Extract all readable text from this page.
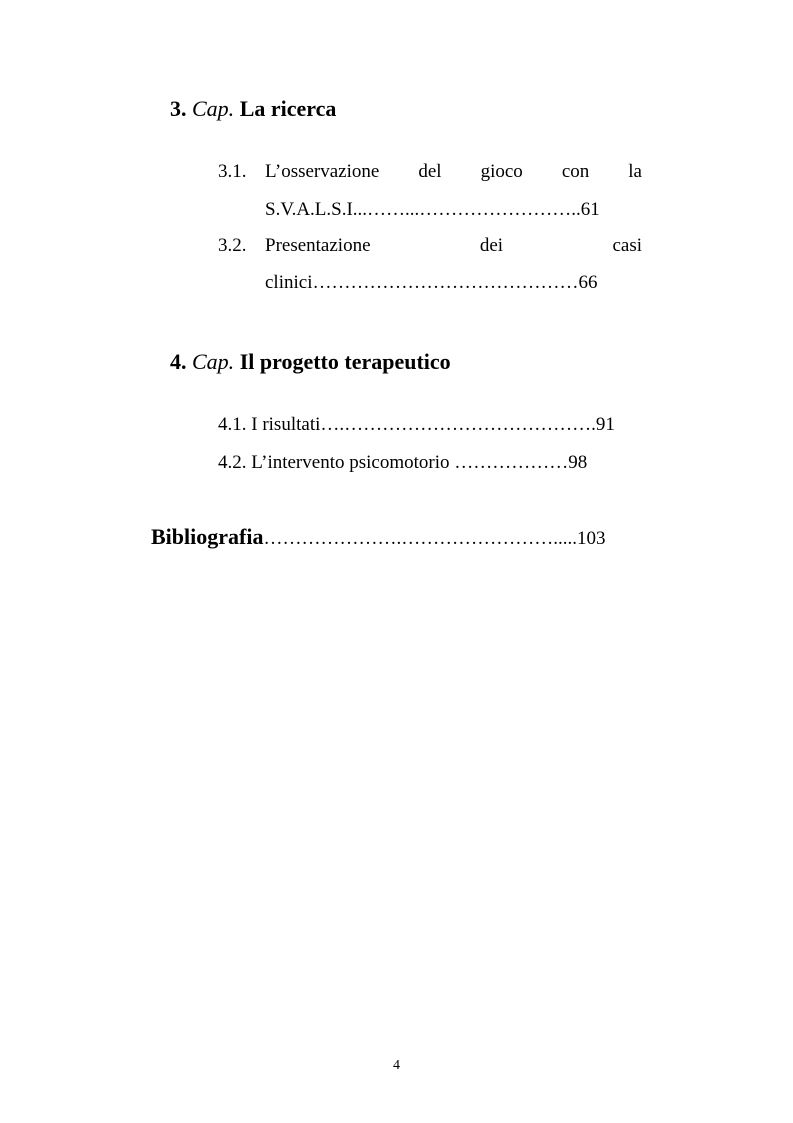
3. Cap. La ricerca
3.1. L’osservazione del gioco con la
S.V.A.L.S.I...……...……………………..61
3.2. Presentazione	dei	casi
clinici……………………………………66
4. Cap. Il progetto terapeutico
4.1. I risultati….………………………………….91
4.2. L’intervento psicomotorio ………………98
Bibliografia………………….…………………….....103
4
